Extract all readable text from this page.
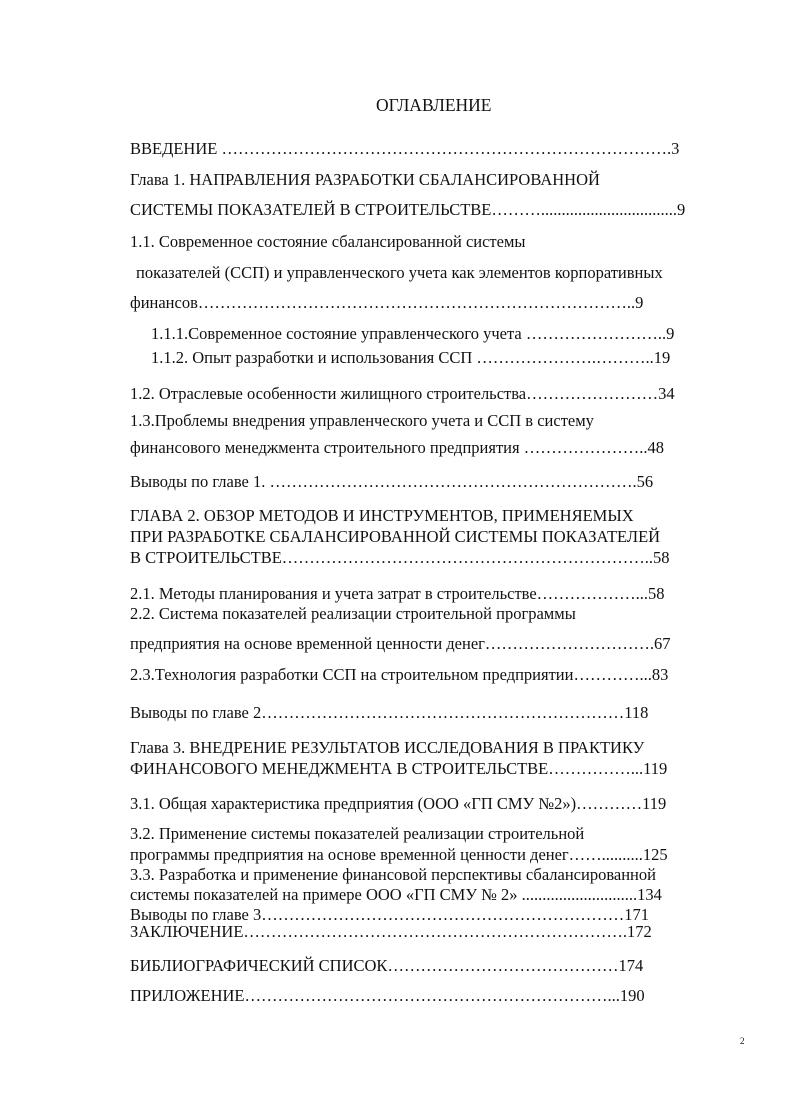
ОГЛАВЛЕНИЕ
ВВЕДЕНИЕ ……………………………………………………………………….3
Глава 1. НАПРАВЛЕНИЯ РАЗРАБОТКИ СБАЛАНСИРОВАННОЙ
СИСТЕМЫ ПОКАЗАТЕЛЕЙ В СТРОИТЕЛЬСТВЕ……….................................9
1.1. Современное состояние сбалансированной системы
показателей (ССП) и управленческого учета как элементов корпоративных
финансов……………………………………………………………………..9
1.1.1.Современное состояние управленческого учета ……………………..9
1.1.2. Опыт разработки и использования ССП ………………….………..19
1.2. Отраслевые особенности жилищного строительства……………………34
1.3.Проблемы внедрения управленческого учета и ССП в систему
финансового менеджмента строительного предприятия …………………..48
Выводы по главе 1. ………………………………………………………….56
ГЛАВА 2. ОБЗОР МЕТОДОВ И ИНСТРУМЕНТОВ, ПРИМЕНЯЕМЫХ
ПРИ РАЗРАБОТКЕ СБАЛАНСИРОВАННОЙ СИСТЕМЫ ПОКАЗАТЕЛЕЙ
В СТРОИТЕЛЬСТВЕ…………………………………………………………..58
2.1. Методы планирования и учета затрат в строительстве………………...58
2.2. Система показателей реализации строительной программы
предприятия на основе временной ценности денег………………………….67
2.3.Технология разработки ССП на строительном предприятии…………...83
Выводы по главе 2…………………………………………………………118
Глава 3. ВНЕДРЕНИЕ РЕЗУЛЬТАТОВ ИССЛЕДОВАНИЯ В ПРАКТИКУ
ФИНАНСОВОГО МЕНЕДЖМЕНТА В СТРОИТЕЛЬСТВЕ……………...119
3.1. Общая характеристика предприятия (ООО «ГП СМУ №2»)…………119
3.2. Применение системы показателей реализации строительной
программы предприятия на основе временной ценности денег……..........125
3.3. Разработка и применение финансовой перспективы сбалансированной
системы показателей на примере ООО «ГП СМУ № 2» ............................134
Выводы по главе 3…………………………………………………………171
ЗАКЛЮЧЕНИЕ…………………………………………………………….172
БИБЛИОГРАФИЧЕСКИЙ СПИСОК……………………………………174
ПРИЛОЖЕНИЕ…………………………………………………………...190
2
